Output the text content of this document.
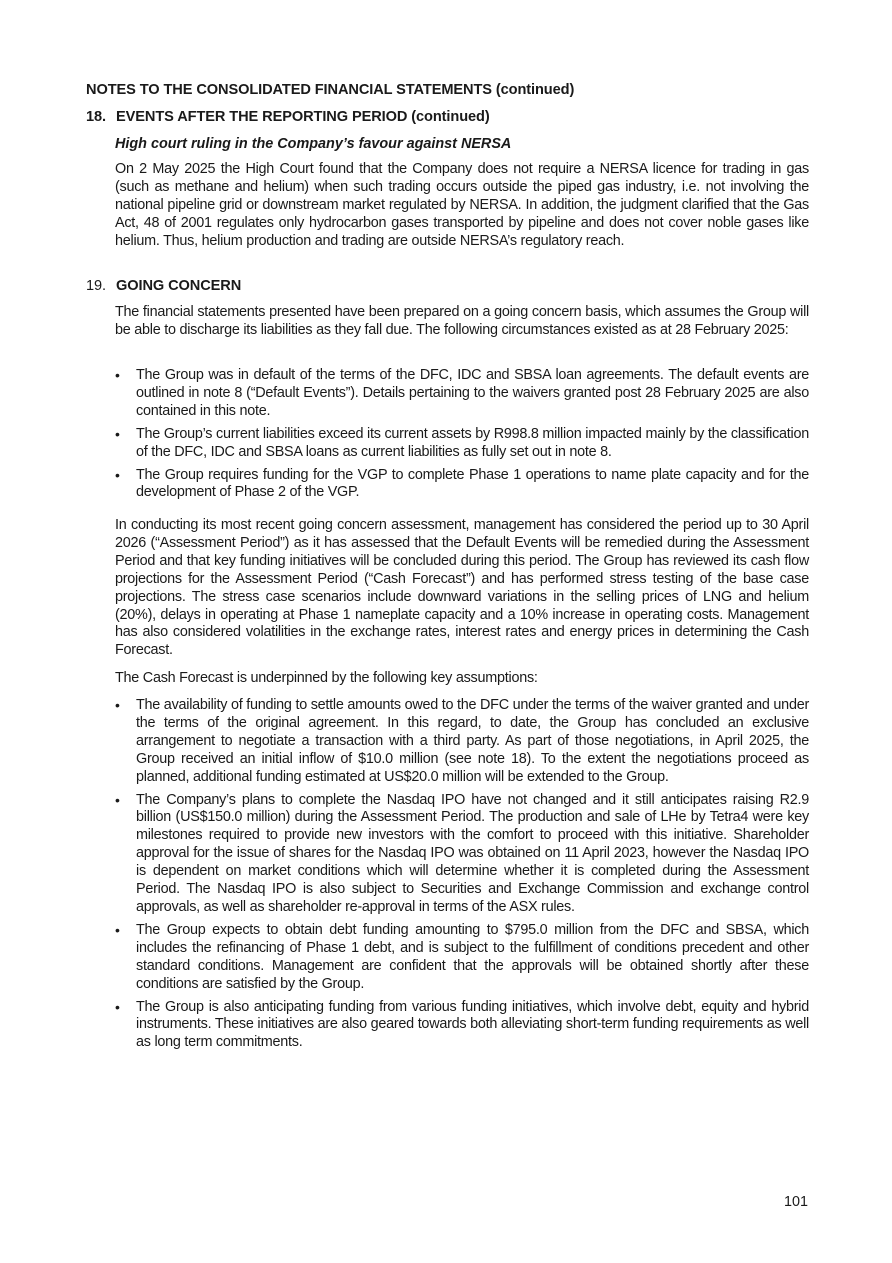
NOTES TO THE CONSOLIDATED FINANCIAL STATEMENTS (continued)
18. EVENTS AFTER THE REPORTING PERIOD (continued)
High court ruling in the Company’s favour against NERSA

On 2 May 2025 the High Court found that the Company does not require a NERSA licence for trading in gas (such as methane and helium) when such trading occurs outside the piped gas industry, i.e. not involving the national pipeline grid or downstream market regulated by NERSA. In addition, the judgment clarified that the Gas Act, 48 of 2001 regulates only hydrocarbon gases transported by pipeline and does not cover noble gases like helium. Thus, helium production and trading are outside NERSA’s regulatory reach.

19. GOING CONCERN

The financial statements presented have been prepared on a going concern basis, which assumes the Group will be able to discharge its liabilities as they fall due. The following circumstances existed as at 28 February 2025:

•	The Group was in default of the terms of the DFC, IDC and SBSA loan agreements. The default events are outlined in note 8 (“Default Events”). Details pertaining to the waivers granted post 28 February 2025 are also contained in this note.
•	The Group’s current liabilities exceed its current assets by R998.8 million impacted mainly by the classification of the DFC, IDC and SBSA loans as current liabilities as fully set out in note 8.
•	The Group requires funding for the VGP to complete Phase 1 operations to name plate capacity and for the development of Phase 2 of the VGP.

In conducting its most recent going concern assessment, management has considered the period up to 30 April 2026 (“Assessment Period”) as it has assessed that the Default Events will be remedied during the Assessment Period and that key funding initiatives will be concluded during this period. The Group has reviewed its cash flow projections for the Assessment Period (“Cash Forecast”) and has performed stress testing of the base case projections. The stress case scenarios include downward variations in the selling prices of LNG and helium (20%), delays in operating at Phase 1 nameplate capacity and a 10% increase in operating costs. Management has also considered volatilities in the exchange rates, interest rates and energy prices in determining the Cash Forecast.

The Cash Forecast is underpinned by the following key assumptions:

•	The availability of funding to settle amounts owed to the DFC under the terms of the waiver granted and under the terms of the original agreement. In this regard, to date, the Group has concluded an exclusive arrangement to negotiate a transaction with a third party. As part of those negotiations, in April 2025, the Group received an initial inflow of $10.0 million (see note 18). To the extent the negotiations proceed as planned, additional funding estimated at US$20.0 million will be extended to the Group.
•	The Company’s plans to complete the Nasdaq IPO have not changed and it still anticipates raising R2.9 billion (US$150.0 million) during the Assessment Period. The production and sale of LHe by Tetra4 were key milestones required to provide new investors with the comfort to proceed with this initiative. Shareholder approval for the issue of shares for the Nasdaq IPO was obtained on 11 April 2023, however the Nasdaq IPO is dependent on market conditions which will determine whether it is completed during the Assessment Period. The Nasdaq IPO is also subject to Securities and Exchange Commission and exchange control approvals, as well as shareholder re-approval in terms of the ASX rules.
•	The Group expects to obtain debt funding amounting to $795.0 million from the DFC and SBSA, which includes the refinancing of Phase 1 debt, and is subject to the fulfillment of conditions precedent and other standard conditions. Management are confident that the approvals will be obtained shortly after these conditions are satisfied by the Group.
•	The Group is also anticipating funding from various funding initiatives, which involve debt, equity and hybrid instruments. These initiatives are also geared towards both alleviating short-term funding requirements as well as long term commitments.

101
